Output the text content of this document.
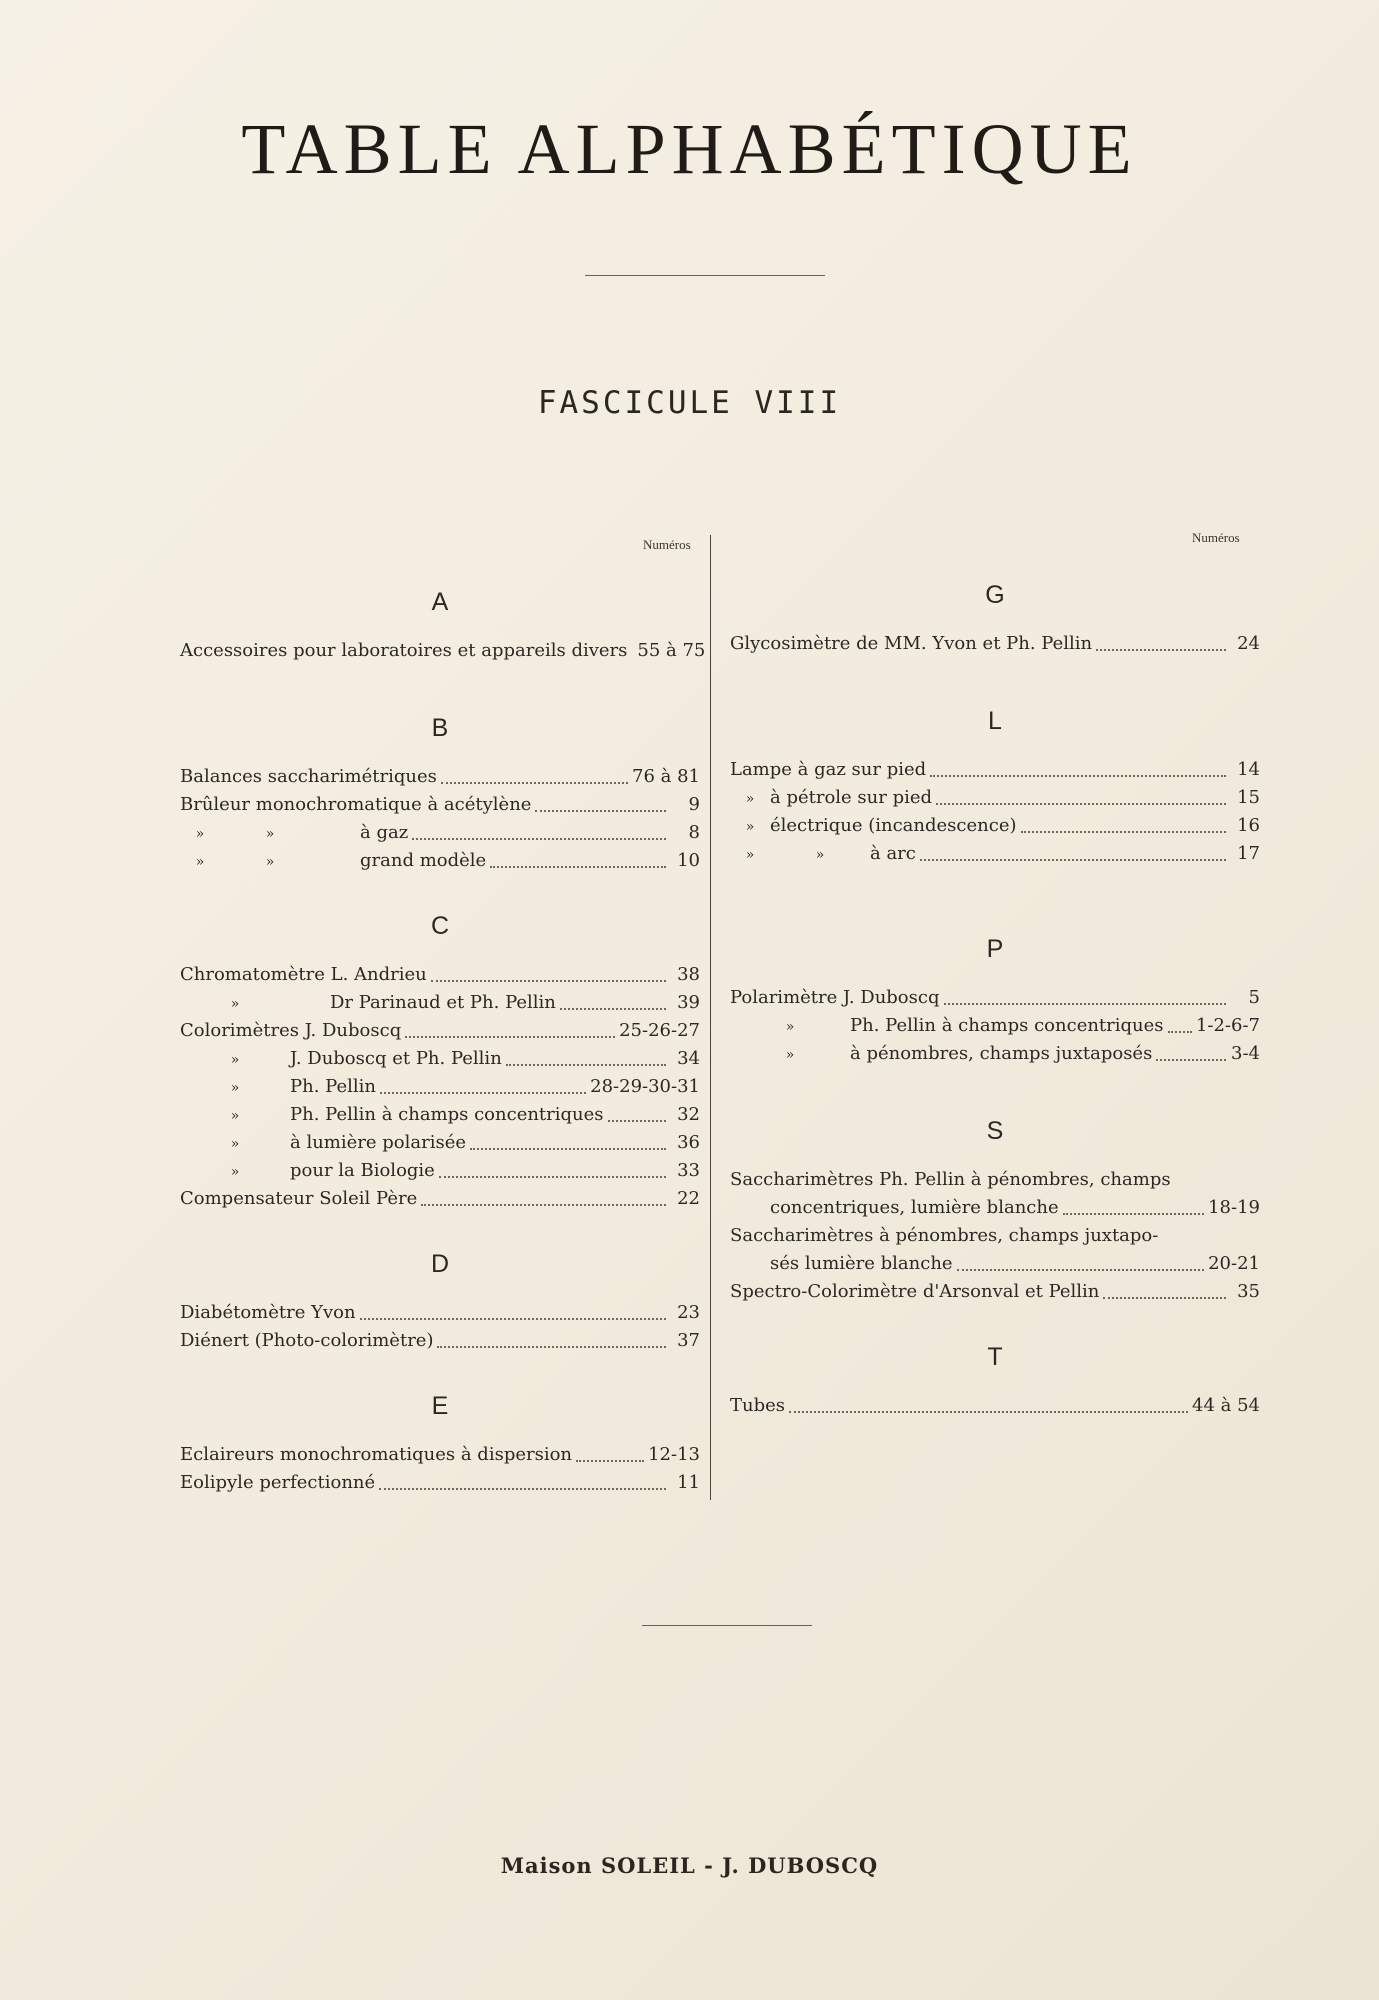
TABLE ALPHABÉTIQUE
FASCICULE VIII
Numéros	Numéros
A
Accessoires pour laboratoires et appareils divers 55 à 75
B
Balances saccharimétriques	76 à 81
Brûleur monochromatique à acétylène	9
»	»	à gaz	8
»	»	grand modèle	10
C
Chromatomètre L. Andrieu	38
»	Dr Parinaud et Ph. Pellin	39
Colorimètres J. Duboscq	25-26-27
»	J. Duboscq et Ph. Pellin	34
»	Ph. Pellin	28-29-30-31
»	Ph. Pellin à champs concentriques	32
»	à lumière polarisée	36
»	pour la Biologie	33
Compensateur Soleil Père	22
D
Diabétomètre Yvon	23
Diénert (Photo-colorimètre)	37
E
Eclaireurs monochromatiques à dispersion	12-13
Eolipyle perfectionné	11
G
Glycosimètre de MM. Yvon et Ph. Pellin	24
L
Lampe à gaz sur pied	14
» à pétrole sur pied	15
» électrique (incandescence)	16
»	»	à arc	17
P
Polarimètre J. Duboscq	5
»	Ph. Pellin à champs concentriques 1-2-6-7
»	à pénombres, champs juxtaposés	3-4
S
Saccharimètres Ph. Pellin à pénombres, champs
concentriques, lumière blanche	18-19
Saccharimètres à pénombres, champs juxtapo-
sés lumière blanche	20-21
Spectro-Colorimètre d'Arsonval et Pellin	35
T
Tubes	44 à 54
Maison SOLEIL - J. DUBOSCQ
